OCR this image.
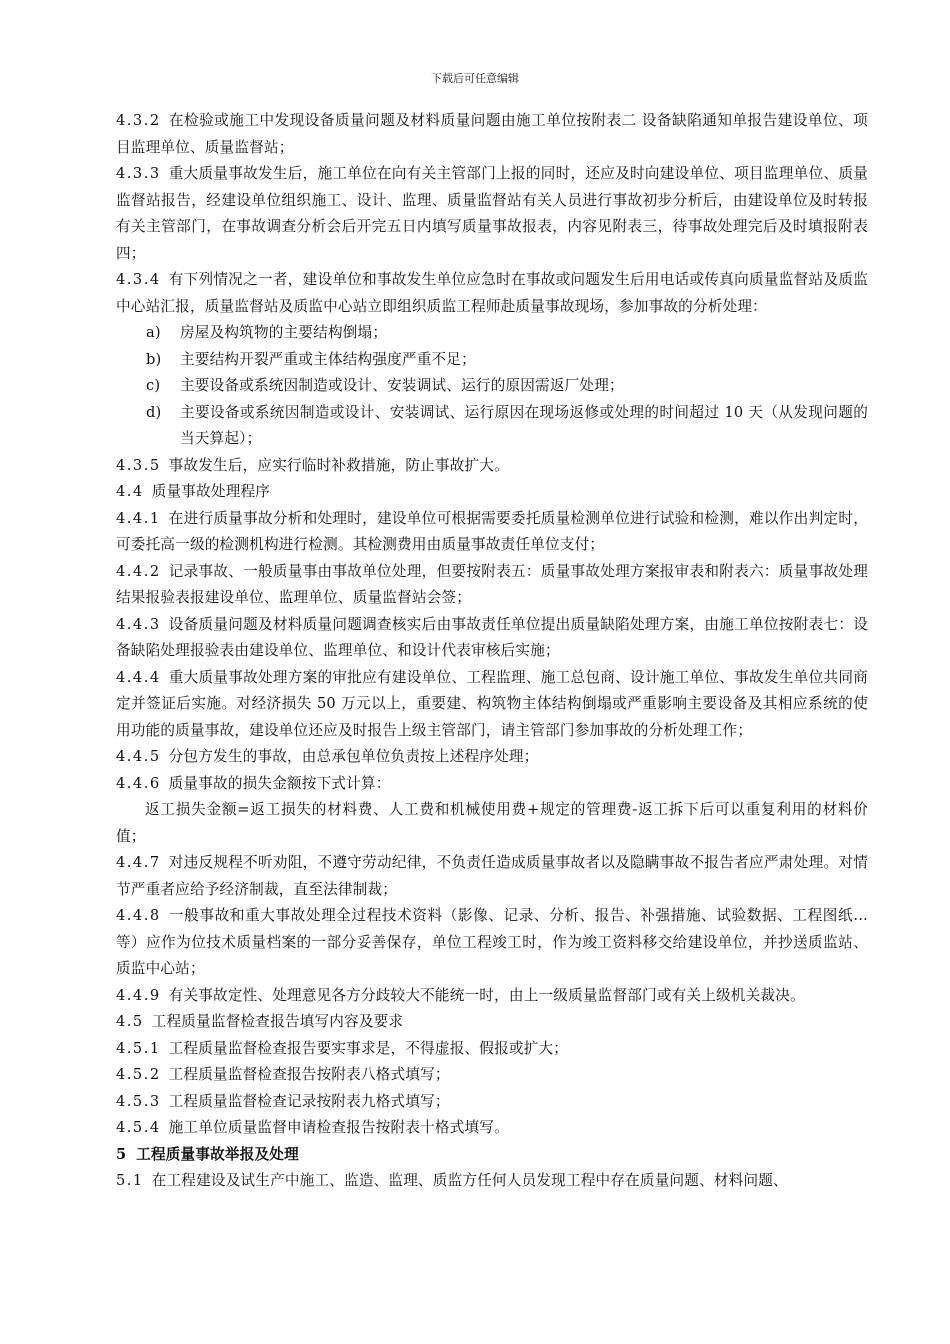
下载后可任意编辑

4.3.2 在检验或施工中发现设备质量问题及材料质量问题由施工单位按附表二 设备缺陷通知单报告建设单位、项目监理单位、质量监督站；

4.3.3 重大质量事故发生后，施工单位在向有关主管部门上报的同时，还应及时向建设单位、项目监理单位、质量监督站报告，经建设单位组织施工、设计、监理、质量监督站有关人员进行事故初步分析后，由建设单位及时转报有关主管部门，在事故调查分析会后开完五日内填写质量事故报表，内容见附表三，待事故处理完后及时填报附表四；

4.3.4 有下列情况之一者，建设单位和事故发生单位应急时在事故或问题发生后用电话或传真向质量监督站及质监中心站汇报，质量监督站及质监中心站立即组织质监工程师赴质量事故现场，参加事故的分析处理：

a) 房屋及构筑物的主要结构倒塌；

b) 主要结构开裂严重或主体结构强度严重不足；

c) 主要设备或系统因制造或设计、安装调试、运行的原因需返厂处理；

d) 主要设备或系统因制造或设计、安装调试、运行原因在现场返修或处理的时间超过 10 天（从发现问题的当天算起）；

4.3.5 事故发生后，应实行临时补救措施，防止事故扩大。

4.4 质量事故处理程序

4.4.1 在进行质量事故分析和处理时，建设单位可根据需要委托质量检测单位进行试验和检测，难以作出判定时，可委托高一级的检测机构进行检测。其检测费用由质量事故责任单位支付；

4.4.2 记录事故、一般质量事由事故单位处理，但要按附表五：质量事故处理方案报审表和附表六：质量事故处理结果报验表报建设单位、监理单位、质量监督站会签；

4.4.3 设备质量问题及材料质量问题调查核实后由事故责任单位提出质量缺陷处理方案，由施工单位按附表七：设备缺陷处理报验表由建设单位、监理单位、和设计代表审核后实施；

4.4.4 重大质量事故处理方案的审批应有建设单位、工程监理、施工总包商、设计施工单位、事故发生单位共同商定并签证后实施。对经济损失 50 万元以上，重要建、构筑物主体结构倒塌或严重影响主要设备及其相应系统的使用功能的质量事故，建设单位还应及时报告上级主管部门，请主管部门参加事故的分析处理工作；

4.4.5 分包方发生的事故，由总承包单位负责按上述程序处理；

4.4.6 质量事故的损失金额按下式计算：

返工损失金额=返工损失的材料费、人工费和机械使用费+规定的管理费-返工拆下后可以重复利用的材料价值；

4.4.7 对违反规程不听劝阻，不遵守劳动纪律，不负责任造成质量事故者以及隐瞒事故不报告者应严肃处理。对情节严重者应给予经济制裁，直至法律制裁；

4.4.8 一般事故和重大事故处理全过程技术资料（影像、记录、分析、报告、补强措施、试验数据、工程图纸…等）应作为位技术质量档案的一部分妥善保存，单位工程竣工时，作为竣工资料移交给建设单位，并抄送质监站、质监中心站；

4.4.9 有关事故定性、处理意见各方分歧较大不能统一时，由上一级质量监督部门或有关上级机关裁决。

4.5 工程质量监督检查报告填写内容及要求

4.5.1 工程质量监督检查报告要实事求是，不得虚报、假报或扩大；

4.5.2 工程质量监督检查报告按附表八格式填写；

4.5.3 工程质量监督检查记录按附表九格式填写；

4.5.4 施工单位质量监督申请检查报告按附表十格式填写。

5 工程质量事故举报及处理

5.1 在工程建设及试生产中施工、监造、监理、质监方任何人员发现工程中存在质量问题、材料问题、
